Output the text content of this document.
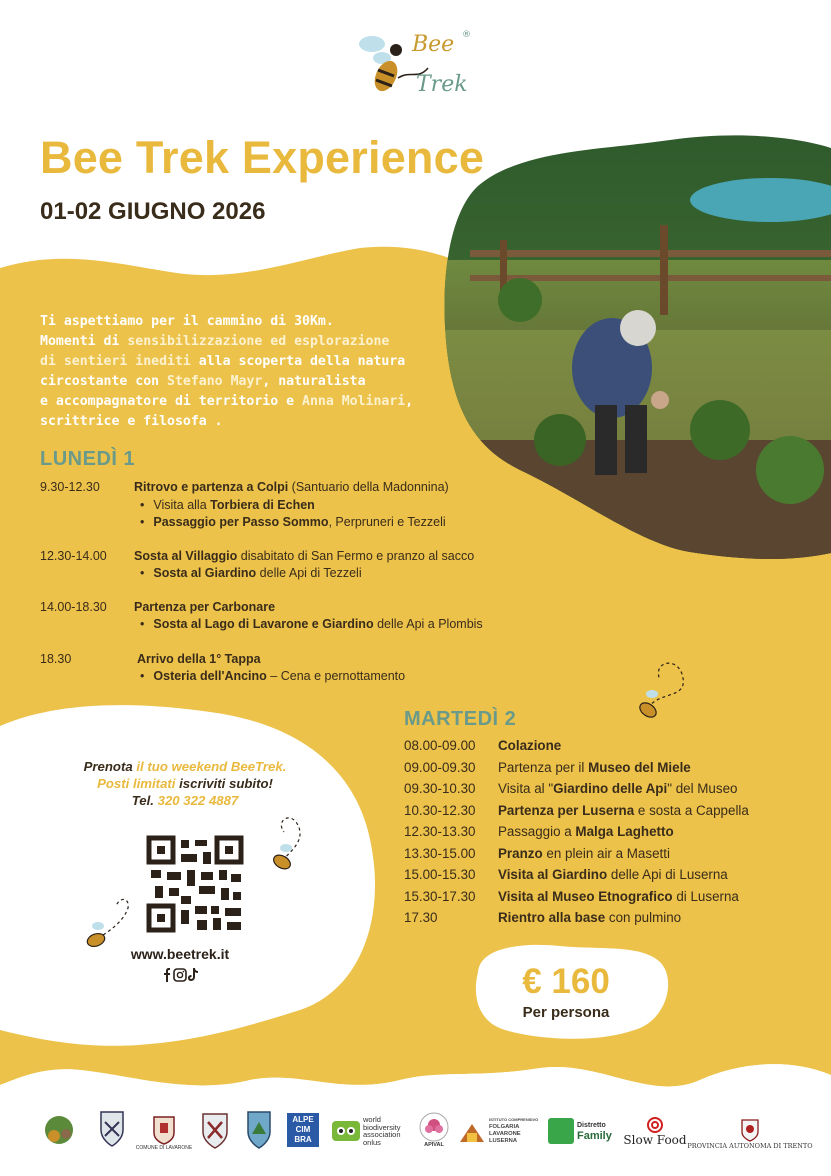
Bee ®
Trek
Bee Trek Experience
01-02 GIUGNO 2026
Ti aspettiamo per il cammino di 30Km.
Momenti di sensibilizzazione ed esplorazione
di sentieri inediti alla scoperta della natura
circostante con Stefano Mayr, naturalista
e accompagnatore di territorio e Anna Molinari,
scrittrice e filosofa .
LUNEDÌ 1
9.30-12.30	Ritrovo e partenza a Colpi (Santuario della Madonnina)
• Visita alla Torbiera di Echen
• Passaggio per Passo Sommo, Perpruneri e Tezzeli
12.30-14.00 Sosta al Villaggio disabitato di San Fermo e pranzo al sacco
• Sosta al Giardino delle Api di Tezzeli
14.00-18.30 Partenza per Carbonare
• Sosta al Lago di Lavarone e Giardino delle Api a Plombis
18.30	Arrivo della 1° Tappa
• Osteria dell'Ancino – Cena e pernottamento
MARTEDÌ 2
08.00-09.00 Colazione
09.00-09.30 Partenza per il Museo del Miele
09.30-10.30 Visita al "Giardino delle Api" del Museo
10.30-12.30 Partenza per Luserna e sosta a Cappella
12.30-13.30 Passaggio a Malga Laghetto
13.30-15.00 Pranzo en plein air a Masetti
15.00-15.30 Visita al Giardino delle Api di Luserna
15.30-17.30 Visita al Museo Etnografico di Luserna
17.30	Rientro alla base con pulmino
Prenota il tuo weekend BeeTrek.
Posti limitati iscriviti subito!
Tel. 320 322 4887
www.beetrek.it
€ 160
Per persona
COMUNE DI LAVARONE
ALPE
CIM
BRA
world
biodiversity
association
onlus	APIVAL
ISTITUTO COMPRENSIVO
FOLGARIA
LAVARONE
LUSERNA
Distretto
Family Slow Food PROVINCIA AUTONOMA DI TRENTO
